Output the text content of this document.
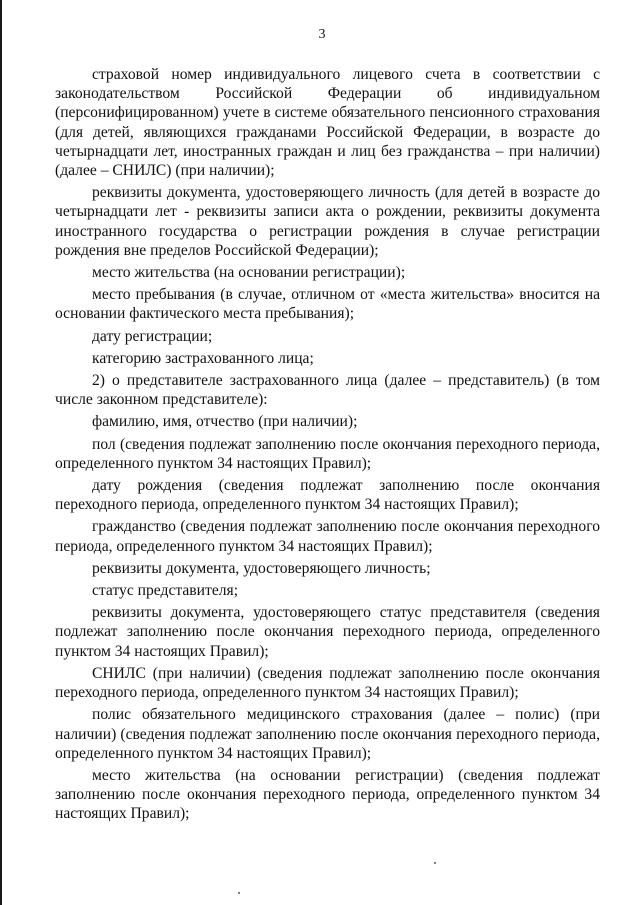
3

страховой номер индивидуального лицевого счета в соответствии с законодательством Российской Федерации об индивидуальном (персонифицированном) учете в системе обязательного пенсионного страхования (для детей, являющихся гражданами Российской Федерации, в возрасте до четырнадцати лет, иностранных граждан и лиц без гражданства – при наличии) (далее – СНИЛС) (при наличии);

реквизиты документа, удостоверяющего личность (для детей в возрасте до четырнадцати лет - реквизиты записи акта о рождении, реквизиты документа иностранного государства о регистрации рождения в случае регистрации рождения вне пределов Российской Федерации);

место жительства (на основании регистрации);

место пребывания (в случае, отличном от «места жительства» вносится на основании фактического места пребывания);

дату регистрации;

категорию застрахованного лица;

2) о представителе застрахованного лица (далее – представитель) (в том числе законном представителе):

фамилию, имя, отчество (при наличии);

пол (сведения подлежат заполнению после окончания переходного периода, определенного пунктом 34 настоящих Правил);

дату рождения (сведения подлежат заполнению после окончания переходного периода, определенного пунктом 34 настоящих Правил);

гражданство (сведения подлежат заполнению после окончания переходного периода, определенного пунктом 34 настоящих Правил);

реквизиты документа, удостоверяющего личность;

статус представителя;

реквизиты документа, удостоверяющего статус представителя (сведения подлежат заполнению после окончания переходного периода, определенного пунктом 34 настоящих Правил);

СНИЛС (при наличии) (сведения подлежат заполнению после окончания переходного периода, определенного пунктом 34 настоящих Правил);

полис обязательного медицинского страхования (далее – полис) (при наличии) (сведения подлежат заполнению после окончания переходного периода, определенного пунктом 34 настоящих Правил);

место жительства (на основании регистрации) (сведения подлежат заполнению после окончания переходного периода, определенного пунктом 34 настоящих Правил);
